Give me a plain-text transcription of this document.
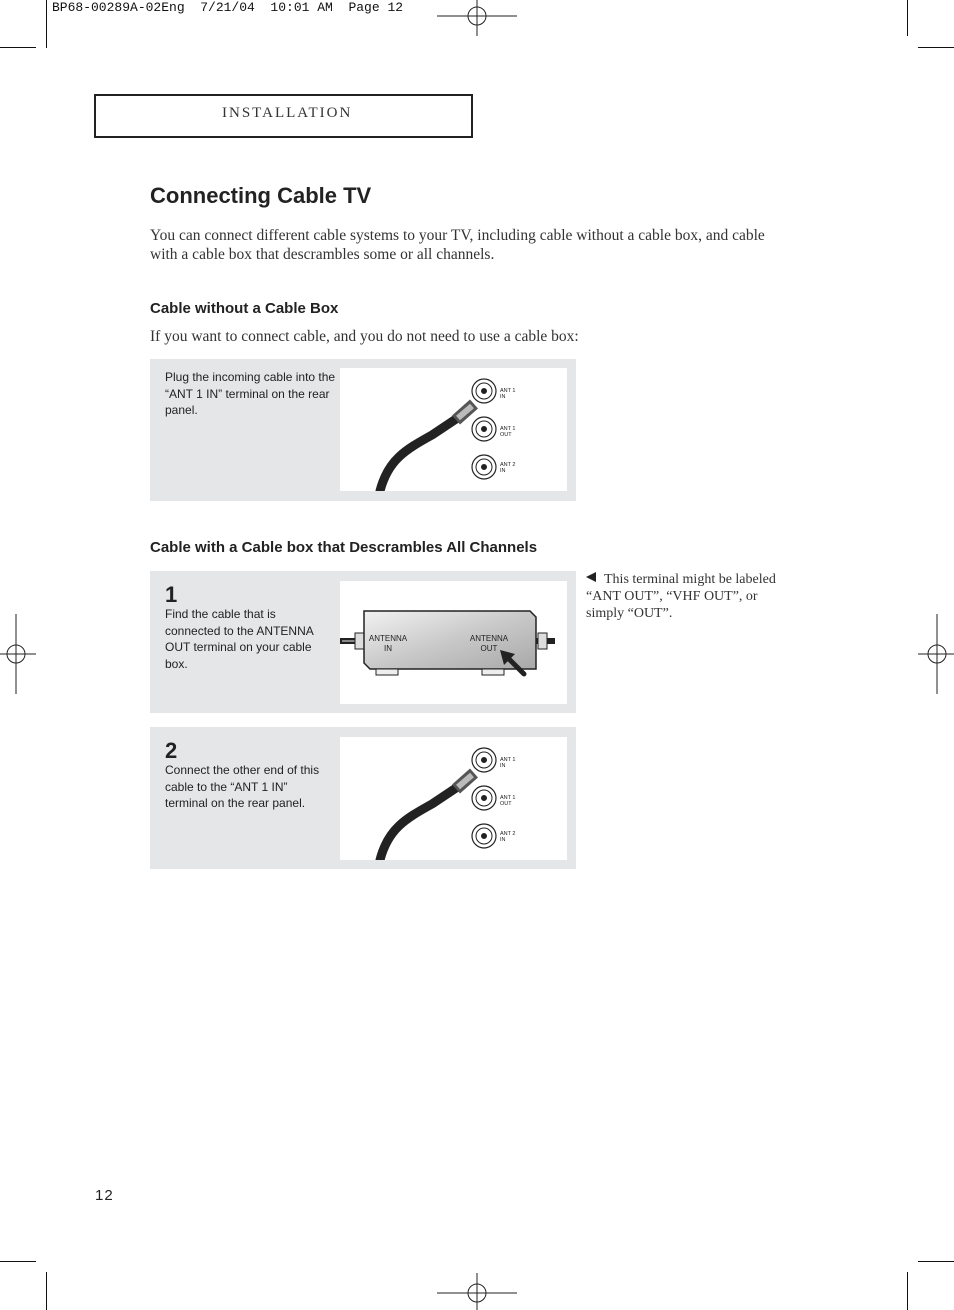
BP68-00289A-02Eng  7/21/04  10:01 AM  Page 12
INSTALLATION
Connecting Cable TV
You can connect different cable systems to your TV, including cable without a cable box, and cable with a cable box that descrambles some or all channels.
Cable without a Cable Box
If you want to connect cable, and you do not need to use a cable box:
Plug the incoming cable into the “ANT 1 IN” terminal on the rear panel.
ANT 1
IN
ANT 1
OUT
ANT 2
IN
Cable with a Cable box that Descrambles All Channels
1
Find the cable that is connected to the ANTENNA OUT terminal on your cable box.
ANTENNA
IN
ANTENNA
OUT
This terminal might be labeled “ANT OUT”, “VHF OUT”, or simply “OUT”.
2
Connect the other end of this cable to the “ANT 1 IN” terminal on the rear panel.
ANT 1
IN
ANT 1
OUT
ANT 2
IN
12
